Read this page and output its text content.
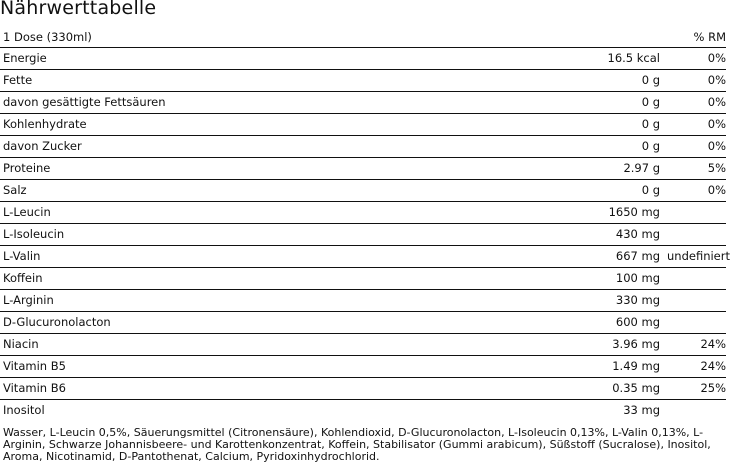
Nährwerttabelle
1 Dose (330ml)		% RM
Energie	16.5 kcal	0%
Fette	0 g	0%
davon gesättigte Fettsäuren	0 g	0%
Kohlenhydrate	0 g	0%
davon Zucker	0 g	0%
Proteine	2.97 g	5%
Salz	0 g	0%
L-Leucin	1650 mg	
L-Isoleucin	430 mg	
L-Valin	667 mg	undefiniert
Koffein	100 mg	
L-Arginin	330 mg	
D-Glucuronolacton	600 mg	
Niacin	3.96 mg	24%
Vitamin B5	1.49 mg	24%
Vitamin B6	0.35 mg	25%
Inositol	33 mg	
Wasser, L-Leucin 0,5%, Säuerungsmittel (Citronensäure), Kohlendioxid, D-Glucuronolacton, L-Isoleucin 0,13%, L-Valin 0,13%, L-Arginin, Schwarze Johannisbeere- und Karottenkonzentrat, Koffein, Stabilisator (Gummi arabicum), Süßstoff (Sucralose), Inositol, Aroma, Nicotinamid, D-Pantothenat, Calcium, Pyridoxinhydrochlorid.
